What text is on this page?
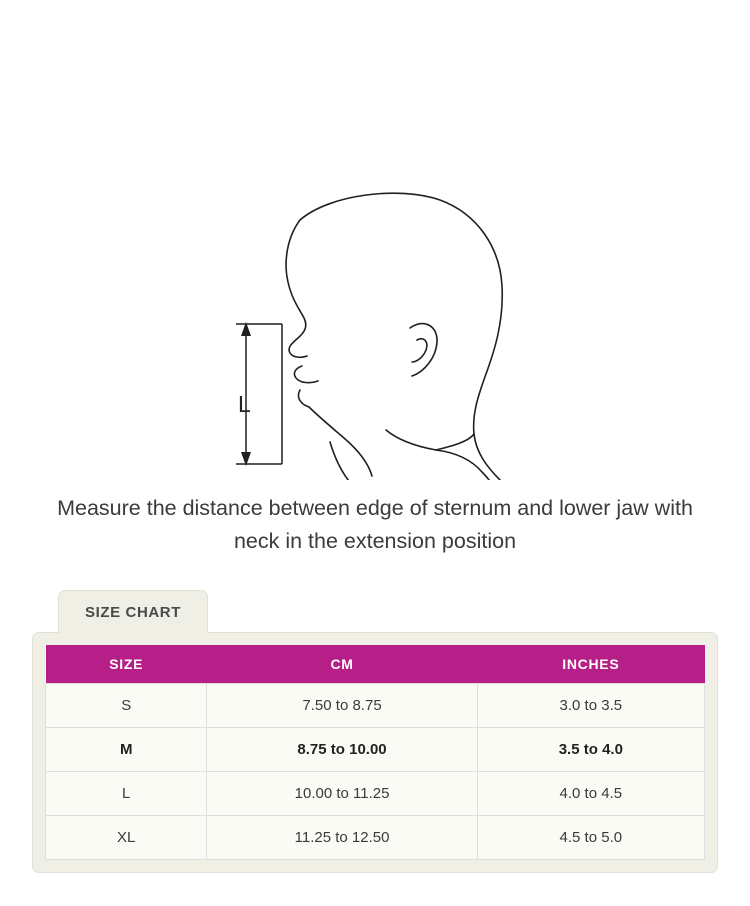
L
Measure the distance between edge of sternum and lower jaw with neck in the extension position
SIZE CHART
SIZE	CM	INCHES
S	7.50 to 8.75	3.0 to 3.5
M	8.75 to 10.00	3.5 to 4.0
L	10.00 to 11.25	4.0 to 4.5
XL	11.25 to 12.50	4.5 to 5.0
